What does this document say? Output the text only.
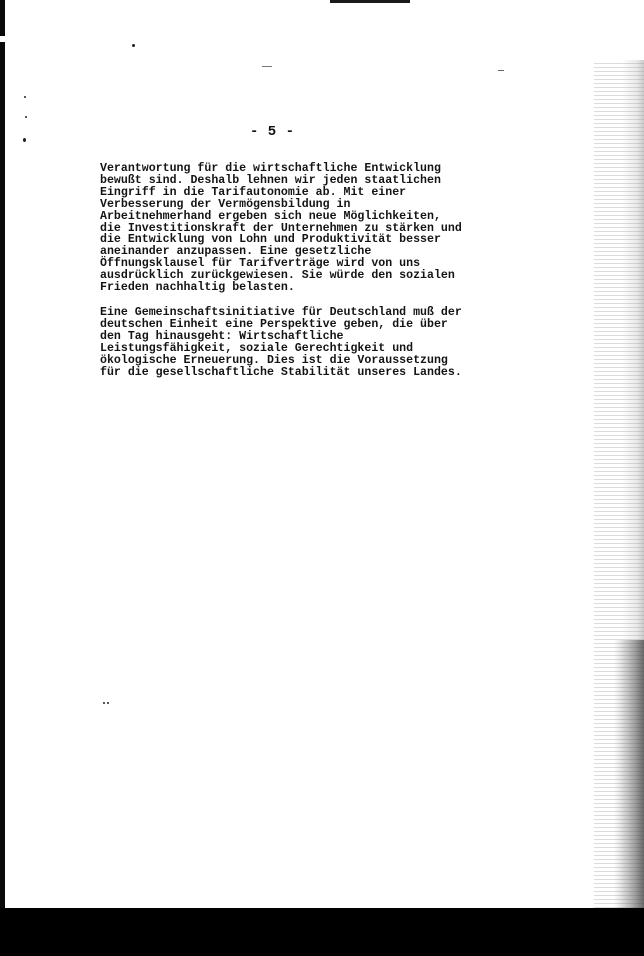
- 5 -

Verantwortung für die wirtschaftliche Entwicklung
bewußt sind. Deshalb lehnen wir jeden staatlichen
Eingriff in die Tarifautonomie ab. Mit einer
Verbesserung der Vermögensbildung in
Arbeitnehmerhand ergeben sich neue Möglichkeiten,
die Investitionskraft der Unternehmen zu stärken und
die Entwicklung von Lohn und Produktivität besser
aneinander anzupassen. Eine gesetzliche
Öffnungsklausel für Tarifverträge wird von uns
ausdrücklich zurückgewiesen. Sie würde den sozialen
Frieden nachhaltig belasten.

Eine Gemeinschaftsinitiative für Deutschland muß der
deutschen Einheit eine Perspektive geben, die über
den Tag hinausgeht: Wirtschaftliche
Leistungsfähigkeit, soziale Gerechtigkeit und
ökologische Erneuerung. Dies ist die Voraussetzung
für die gesellschaftliche Stabilität unseres Landes.
